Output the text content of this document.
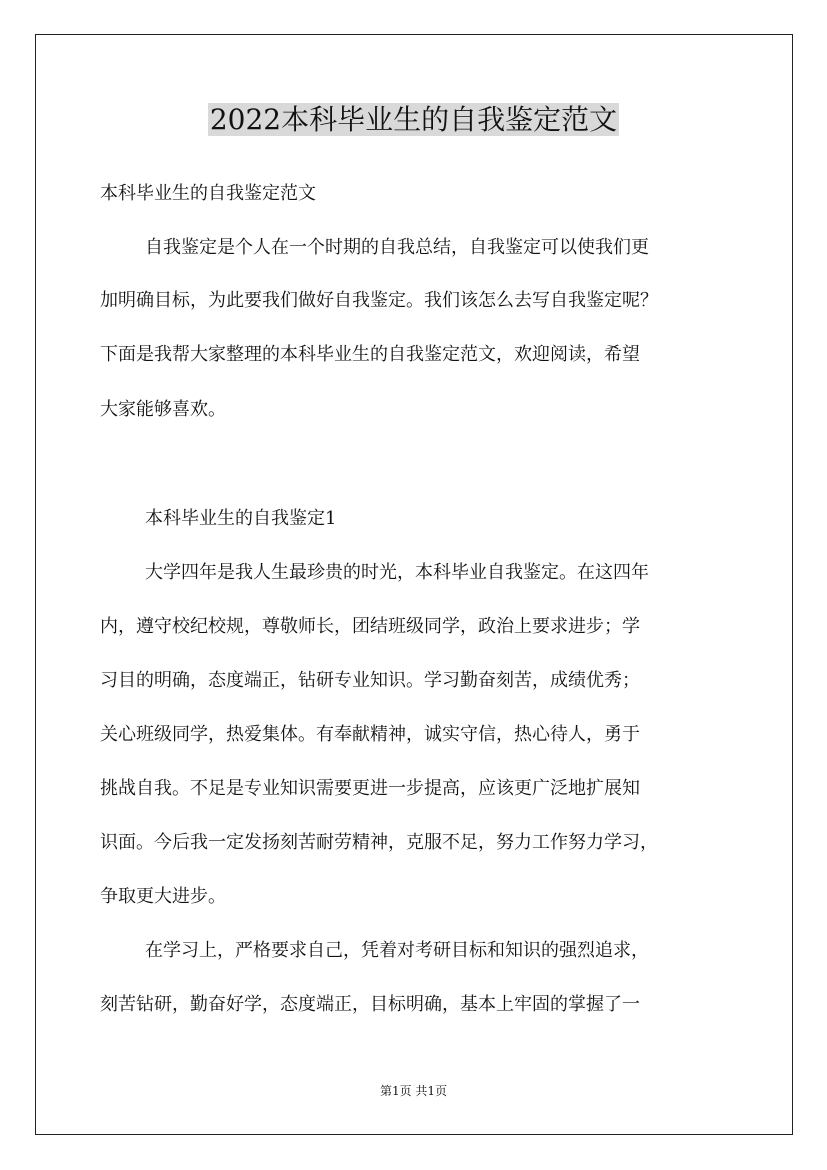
2022本科毕业生的自我鉴定范文

本科毕业生的自我鉴定范文

自我鉴定是个人在一个时期的自我总结，自我鉴定可以使我们更

加明确目标，为此要我们做好自我鉴定。我们该怎么去写自我鉴定呢？

下面是我帮大家整理的本科毕业生的自我鉴定范文，欢迎阅读，希望

大家能够喜欢。

本科毕业生的自我鉴定1

大学四年是我人生最珍贵的时光，本科毕业自我鉴定。在这四年

内，遵守校纪校规，尊敬师长，团结班级同学，政治上要求进步；学

习目的明确，态度端正，钻研专业知识。学习勤奋刻苦，成绩优秀；

关心班级同学，热爱集体。有奉献精神，诚实守信，热心待人，勇于

挑战自我。不足是专业知识需要更进一步提高，应该更广泛地扩展知

识面。今后我一定发扬刻苦耐劳精神，克服不足，努力工作努力学习，

争取更大进步。

在学习上，严格要求自己，凭着对考研目标和知识的强烈追求，

刻苦钻研，勤奋好学，态度端正，目标明确，基本上牢固的掌握了一

第1页 共1页
